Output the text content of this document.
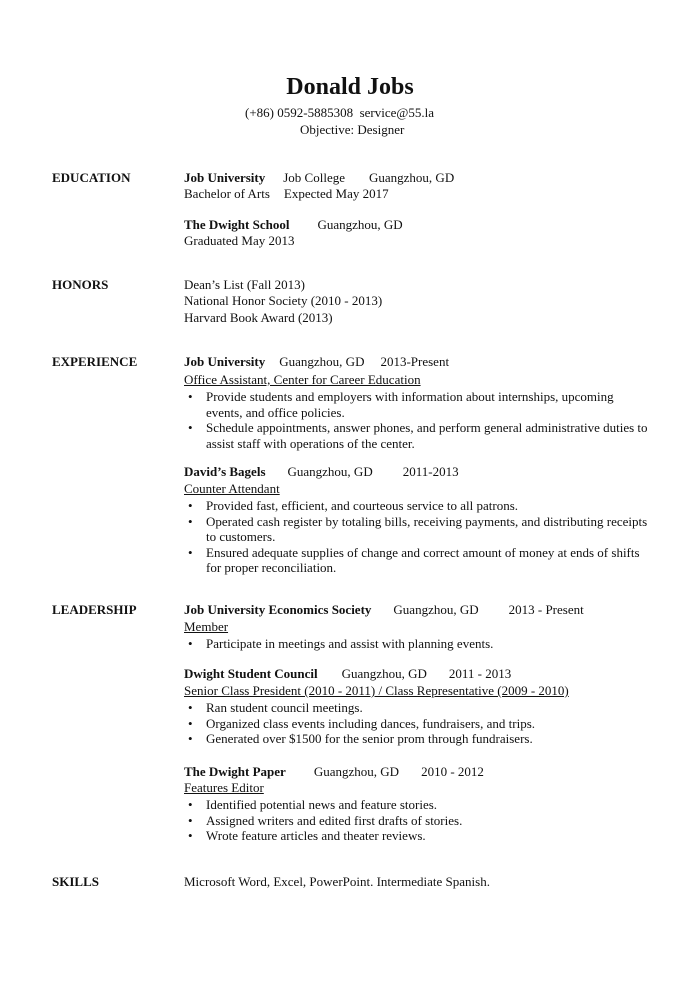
Donald Jobs
(+86) 0592-5885308 service@55.la
Objective: Designer
EDUCATION	Job University Job College Guangzhou, GD
Bachelor of Arts Expected May 2017
The Dwight School Guangzhou, GD
Graduated May 2013
HONORS	Dean’s List (Fall 2013)
National Honor Society (2010 - 2013)
Harvard Book Award (2013)
EXPERIENCE	Job University Guangzhou, GD 2013-Present
Office Assistant, Center for Career Education
• Provide students and employers with information about internships, upcoming events, and office policies.
• Schedule appointments, answer phones, and perform general administrative duties to assist staff with operations of the center.
David’s Bagels Guangzhou, GD 2011-2013
Counter Attendant
• Provided fast, efficient, and courteous service to all patrons.
• Operated cash register by totaling bills, receiving payments, and distributing receipts to customers.
• Ensured adequate supplies of change and correct amount of money at ends of shifts for proper reconciliation.
LEADERSHIP	Job University Economics Society Guangzhou, GD 2013 - Present
Member
• Participate in meetings and assist with planning events.
Dwight Student Council Guangzhou, GD 2011 - 2013
Senior Class President (2010 - 2011) / Class Representative (2009 - 2010)
• Ran student council meetings.
• Organized class events including dances, fundraisers, and trips.
• Generated over $1500 for the senior prom through fundraisers.
The Dwight Paper Guangzhou, GD 2010 - 2012
Features Editor
• Identified potential news and feature stories.
• Assigned writers and edited first drafts of stories.
• Wrote feature articles and theater reviews.
SKILLS	Microsoft Word, Excel, PowerPoint. Intermediate Spanish.
